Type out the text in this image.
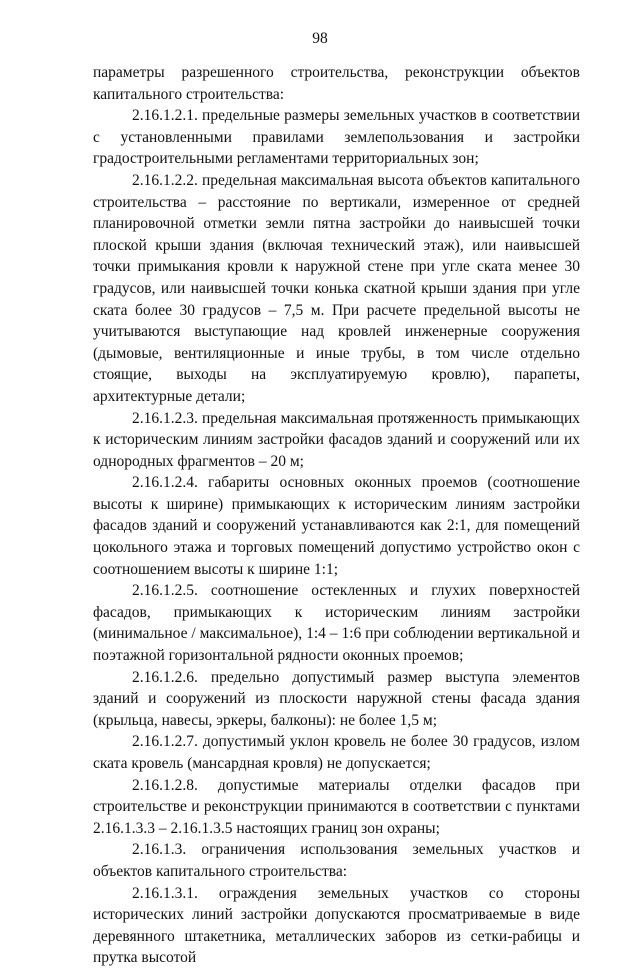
98

параметры разрешенного строительства, реконструкции объектов капитального строительства:

2.16.1.2.1. предельные размеры земельных участков в соответствии с установленными правилами землепользования и застройки градостроительными регламентами территориальных зон;

2.16.1.2.2. предельная максимальная высота объектов капитального строительства – расстояние по вертикали, измеренное от средней планировочной отметки земли пятна застройки до наивысшей точки плоской крыши здания (включая технический этаж), или наивысшей точки примыкания кровли к наружной стене при угле ската менее 30 градусов, или наивысшей точки конька скатной крыши здания при угле ската более 30 градусов – 7,5 м. При расчете предельной высоты не учитываются выступающие над кровлей инженерные сооружения (дымовые, вентиляционные и иные трубы, в том числе отдельно стоящие, выходы на эксплуатируемую кровлю), парапеты, архитектурные детали;

2.16.1.2.3. предельная максимальная протяженность примыкающих к историческим линиям застройки фасадов зданий и сооружений или их однородных фрагментов – 20 м;

2.16.1.2.4. габариты основных оконных проемов (соотношение высоты к ширине) примыкающих к историческим линиям застройки фасадов зданий и сооружений устанавливаются как 2:1, для помещений цокольного этажа и торговых помещений допустимо устройство окон с соотношением высоты к ширине 1:1;

2.16.1.2.5. соотношение остекленных и глухих поверхностей фасадов, примыкающих к историческим линиям застройки (минимальное / максимальное), 1:4 – 1:6 при соблюдении вертикальной и поэтажной горизонтальной рядности оконных проемов;

2.16.1.2.6. предельно допустимый размер выступа элементов зданий и сооружений из плоскости наружной стены фасада здания (крыльца, навесы, эркеры, балконы): не более 1,5 м;

2.16.1.2.7. допустимый уклон кровель не более 30 градусов, излом ската кровель (мансардная кровля) не допускается;

2.16.1.2.8. допустимые материалы отделки фасадов при строительстве и реконструкции принимаются в соответствии с пунктами 2.16.1.3.3 – 2.16.1.3.5 настоящих границ зон охраны;

2.16.1.3. ограничения использования земельных участков и объектов капитального строительства:

2.16.1.3.1. ограждения земельных участков со стороны исторических линий застройки допускаются просматриваемые в виде деревянного штакетника, металлических заборов из сетки-рабицы и прутка высотой
